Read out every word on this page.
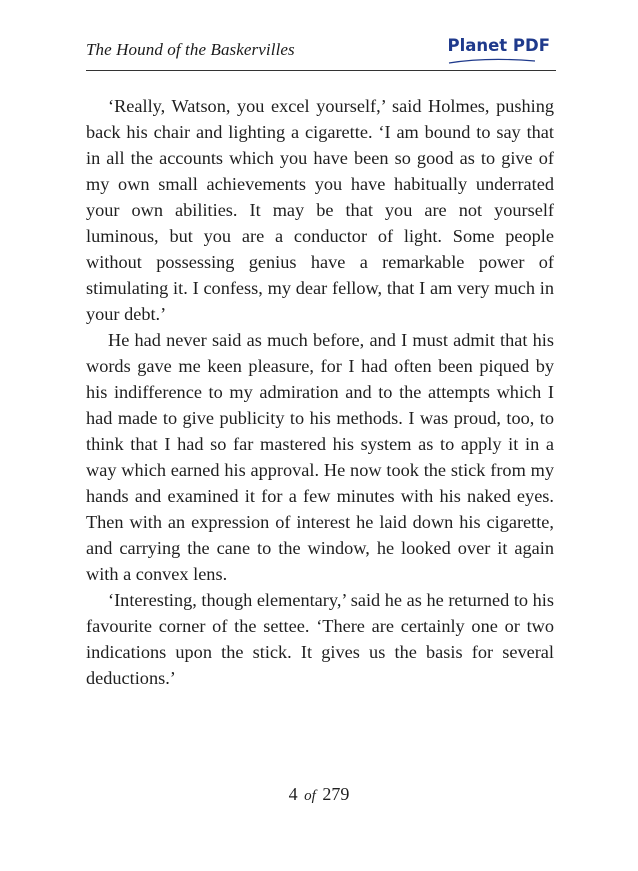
The Hound of the Baskervilles	Planet PDF

‘Really, Watson, you excel yourself,’ said Holmes, pushing back his chair and lighting a cigarette. ‘I am bound to say that in all the accounts which you have been so good as to give of my own small achievements you have habitually underrated your own abilities. It may be that you are not yourself luminous, but you are a conductor of light. Some people without possessing genius have a remarkable power of stimulating it. I confess, my dear fellow, that I am very much in your debt.’

He had never said as much before, and I must admit that his words gave me keen pleasure, for I had often been piqued by his indifference to my admiration and to the attempts which I had made to give publicity to his methods. I was proud, too, to think that I had so far mastered his system as to apply it in a way which earned his approval. He now took the stick from my hands and examined it for a few minutes with his naked eyes. Then with an expression of interest he laid down his cigarette, and carrying the cane to the window, he looked over it again with a convex lens.

‘Interesting, though elementary,’ said he as he returned to his favourite corner of the settee. ‘There are certainly one or two indications upon the stick. It gives us the basis for several deductions.’

4 of 279
